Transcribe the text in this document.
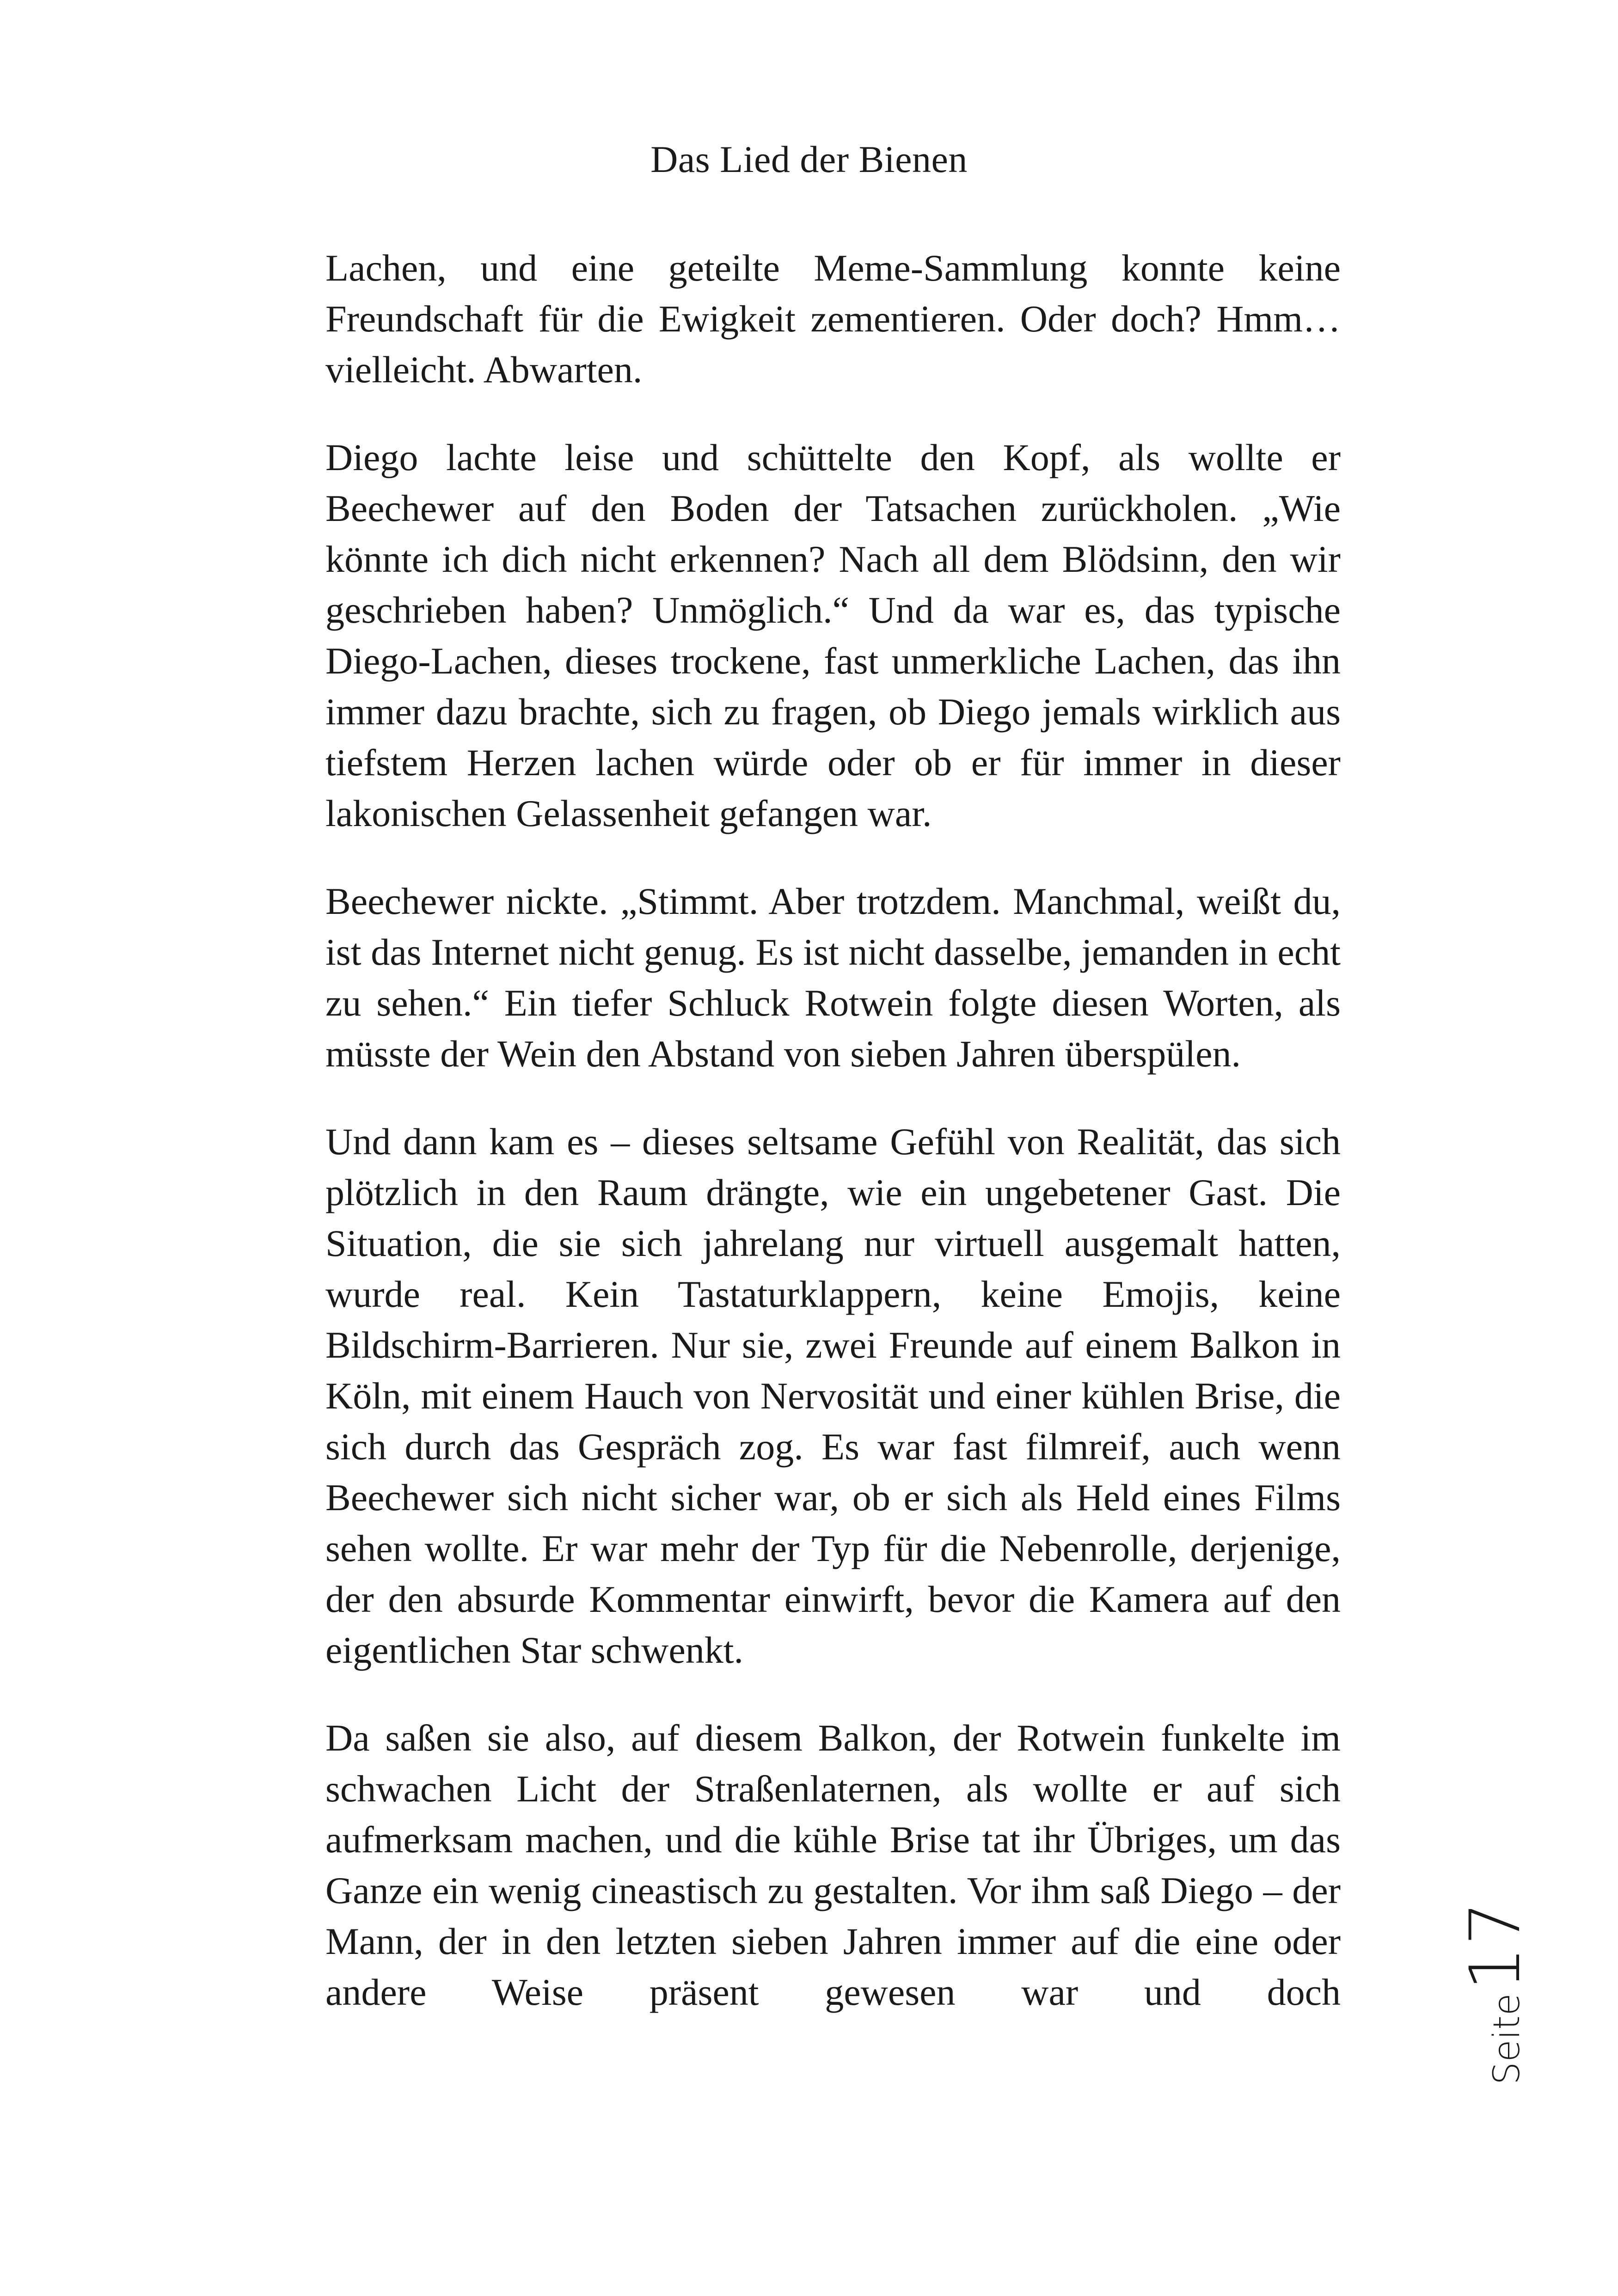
Das Lied der Bienen

Lachen, und eine geteilte Meme-Sammlung konnte keine Freundschaft für die Ewigkeit zementieren. Oder doch? Hmm… vielleicht. Abwarten.

Diego lachte leise und schüttelte den Kopf, als wollte er Beechewer auf den Boden der Tatsachen zurückholen. „Wie könnte ich dich nicht erkennen? Nach all dem Blödsinn, den wir geschrieben haben? Unmöglich.“ Und da war es, das typische Diego-Lachen, dieses trockene, fast unmerkliche Lachen, das ihn immer dazu brachte, sich zu fragen, ob Diego jemals wirklich aus tiefstem Herzen lachen würde oder ob er für immer in dieser lakonischen Gelassenheit gefangen war.

Beechewer nickte. „Stimmt. Aber trotzdem. Manchmal, weißt du, ist das Internet nicht genug. Es ist nicht dasselbe, jemanden in echt zu sehen.“ Ein tiefer Schluck Rotwein folgte diesen Worten, als müsste der Wein den Abstand von sieben Jahren überspülen.

Und dann kam es – dieses seltsame Gefühl von Realität, das sich plötzlich in den Raum drängte, wie ein ungebetener Gast. Die Situation, die sie sich jahrelang nur virtuell ausgemalt hatten, wurde real. Kein Tastaturklappern, keine Emojis, keine Bildschirm-Barrieren. Nur sie, zwei Freunde auf einem Balkon in Köln, mit einem Hauch von Nervosität und einer kühlen Brise, die sich durch das Gespräch zog. Es war fast filmreif, auch wenn Beechewer sich nicht sicher war, ob er sich als Held eines Films sehen wollte. Er war mehr der Typ für die Nebenrolle, derjenige, der den absurde Kommentar einwirft, bevor die Kamera auf den eigentlichen Star schwenkt.

Da saßen sie also, auf diesem Balkon, der Rotwein funkelte im schwachen Licht der Straßenlaternen, als wollte er auf sich aufmerksam machen, und die kühle Brise tat ihr Übriges, um das Ganze ein wenig cineastisch zu gestalten. Vor ihm saß Diego – der Mann, der in den letzten sieben Jahren immer auf die eine oder andere Weise präsent gewesen war und doch

Seite
17
